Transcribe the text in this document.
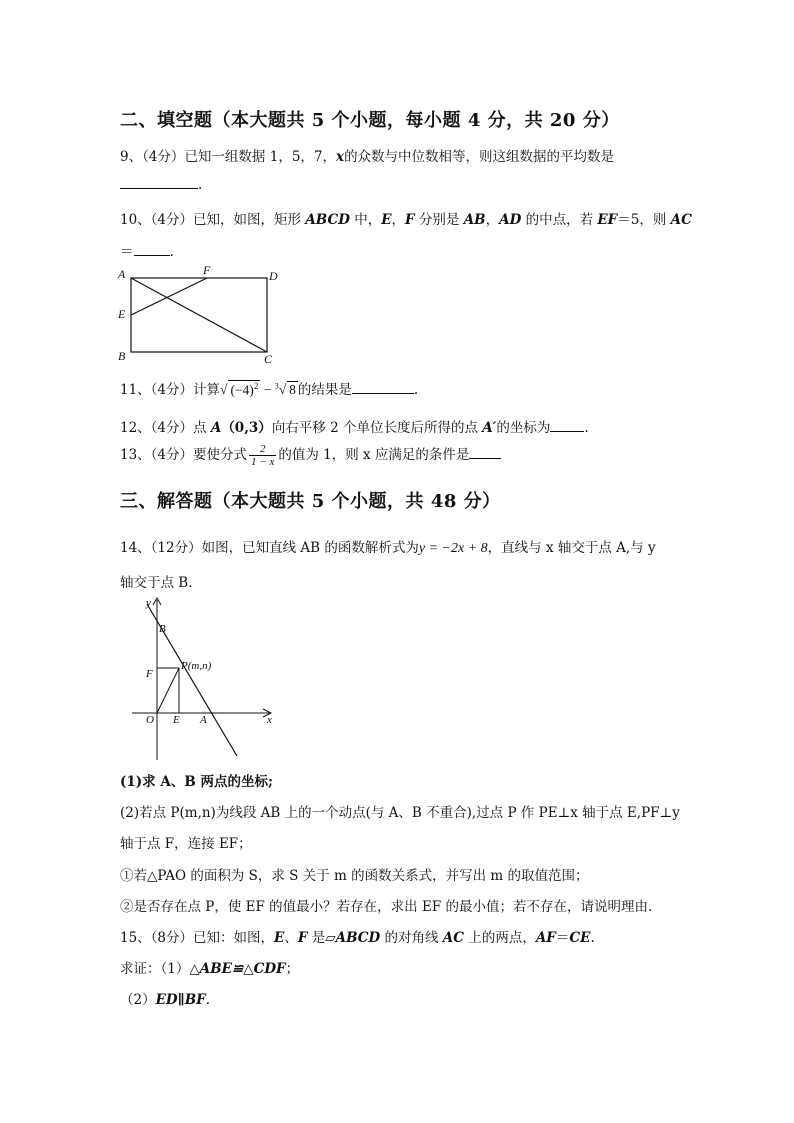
二、填空题（本大题共 5 个小题，每小题 4 分，共 20 分）
9、（4分）已知一组数据 1，5，7，x的众数与中位数相等，则这组数据的平均数是
.
10、（4分）已知，如图，矩形 ABCD 中，E，F 分别是 AB，AD 的中点，若 EF＝5，则 AC
＝	.
A	F	D
E
B	C
11、（4分）计算√ $(-4)^2 - ^3√$ 8 的结果是	.
12、（4分）点 A（0,3）向右平移 2 个单位长度后所得的点 A′的坐标为	.
13、（4分）要使分式 $\frac{2}{1 - x}$ 的值为 1，则 x 应满足的条件是
三、解答题（本大题共 5 个小题，共 48 分）
14、（12分）如图，已知直线 AB 的函数解析式为y = −2x + 8，直线与 x 轴交于点 A,与 y
轴交于点 B.
y
B
P(m,n)
F
O E A	x
(1)求 A、B 两点的坐标;
(2)若点 P(m,n)为线段 AB 上的一个动点(与 A、B 不重合),过点 P 作 PE⊥x 轴于点 E,PF⊥y
轴于点 F，连接 EF；
①若△PAO 的面积为 S，求 S 关于 m 的函数关系式，并写出 m 的取值范围；
②是否存在点 P，使 EF 的值最小？若存在，求出 EF 的最小值；若不存在，请说明理由.
15、（8分）已知：如图，E、F 是▱ABCD 的对角线 AC 上的两点，AF＝CE.
求证：（1）△ABE≌△CDF；
（2）ED∥BF.
